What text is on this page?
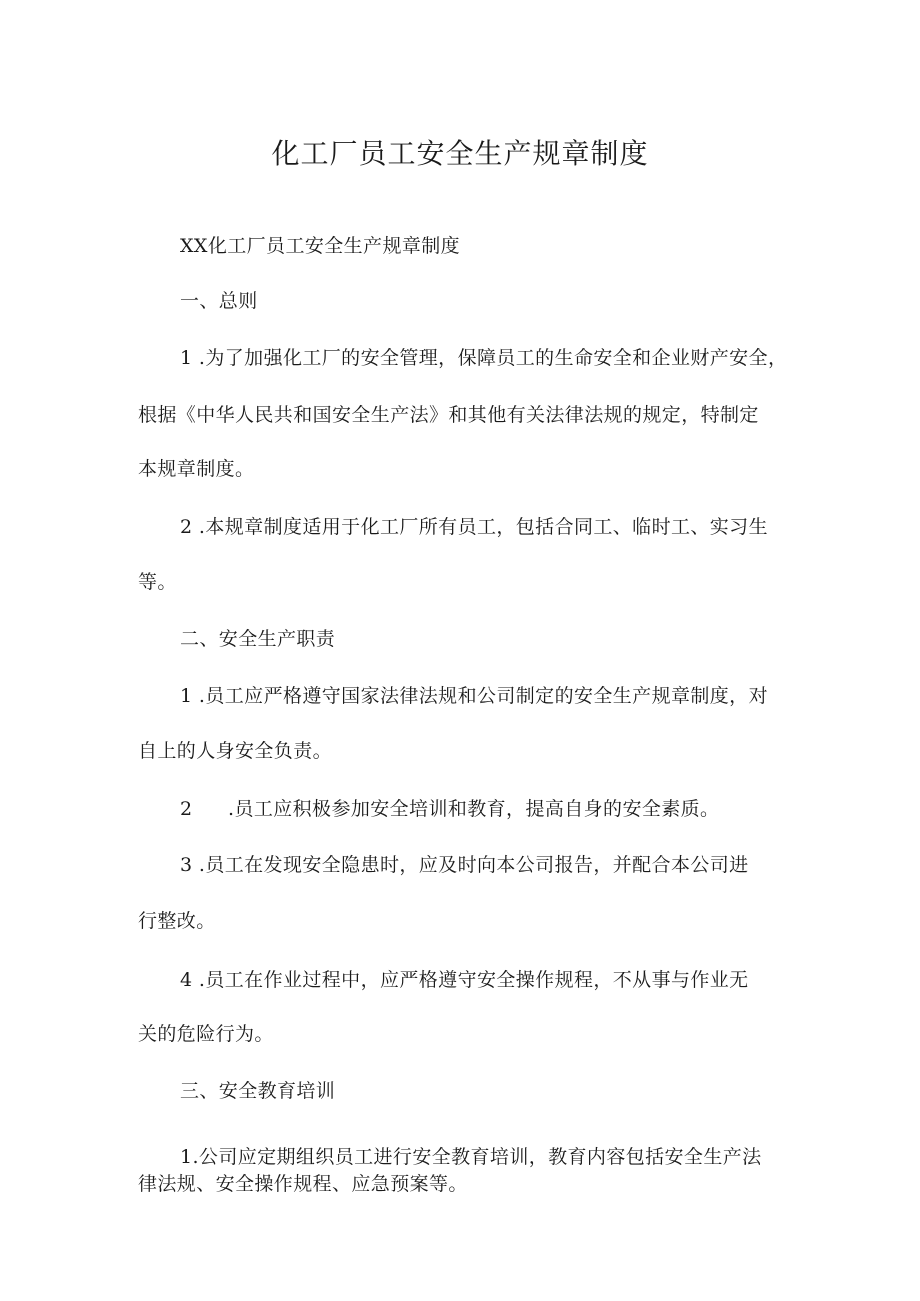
化工厂员工安全生产规章制度
XX化工厂员工安全生产规章制度
一、总则
1 .为了加强化工厂的安全管理，保障员工的生命安全和企业财产安全，
根据《中华人民共和国安全生产法》和其他有关法律法规的规定，特制定
本规章制度。
2 .本规章制度适用于化工厂所有员工，包括合同工、临时工、实习生
等。
二、安全生产职责
1 .员工应严格遵守国家法律法规和公司制定的安全生产规章制度，对
自上的人身安全负责。
2 .员工应积极参加安全培训和教育，提高自身的安全素质。
3 .员工在发现安全隐患时，应及时向本公司报告，并配合本公司进
行整改。
4 .员工在作业过程中，应严格遵守安全操作规程，不从事与作业无
关的危险行为。
三、安全教育培训
1.公司应定期组织员工进行安全教育培训，教育内容包括安全生产法
律法规、安全操作规程、应急预案等。
